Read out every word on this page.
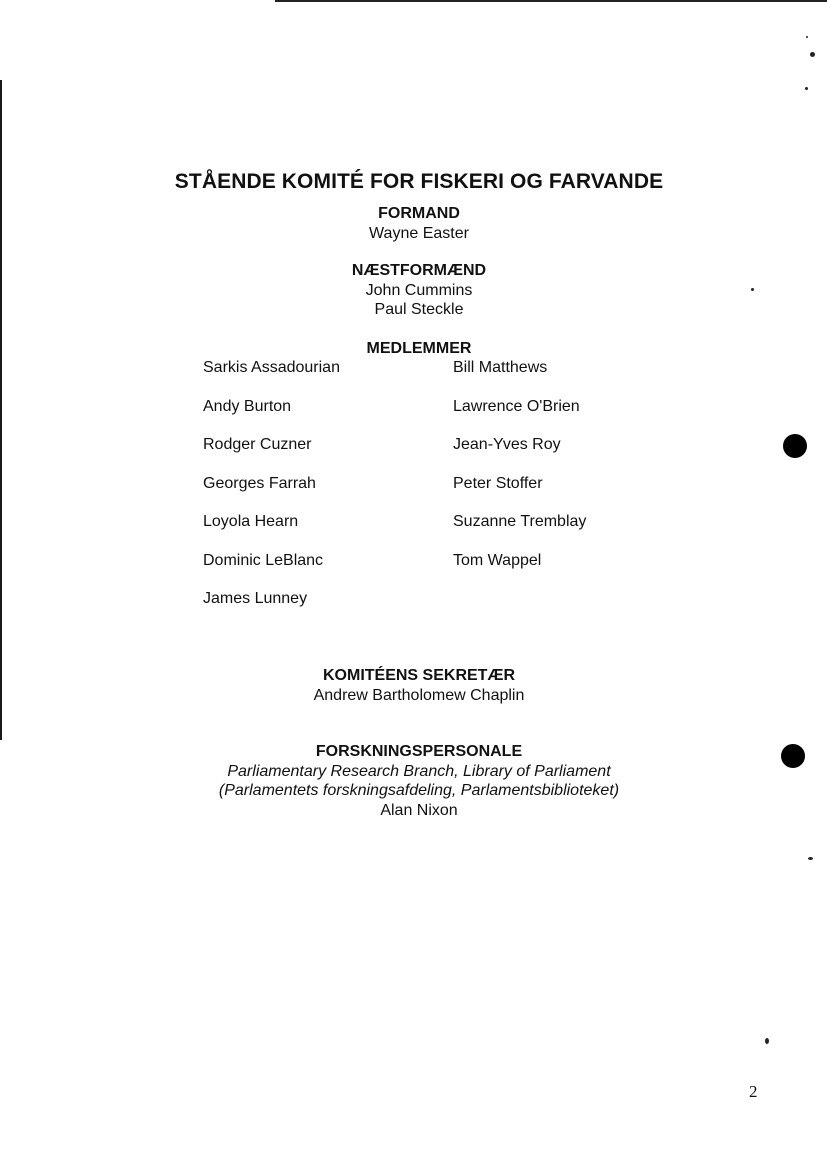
STÅENDE KOMITÉ FOR FISKERI OG FARVANDE
FORMAND
Wayne Easter
NÆSTFORMÆND
John Cummins
Paul Steckle
MEDLEMMER
Sarkis Assadourian
Andy Burton
Rodger Cuzner
Georges Farrah
Loyola Hearn
Dominic LeBlanc
James Lunney
Bill Matthews
Lawrence O'Brien
Jean-Yves Roy
Peter Stoffer
Suzanne Tremblay
Tom Wappel
KOMITÉENS SEKRETÆR
Andrew Bartholomew Chaplin
FORSKNINGSPERSONALE
Parliamentary Research Branch, Library of Parliament
(Parlamentets forskningsafdeling, Parlamentsbiblioteket)
Alan Nixon
2
